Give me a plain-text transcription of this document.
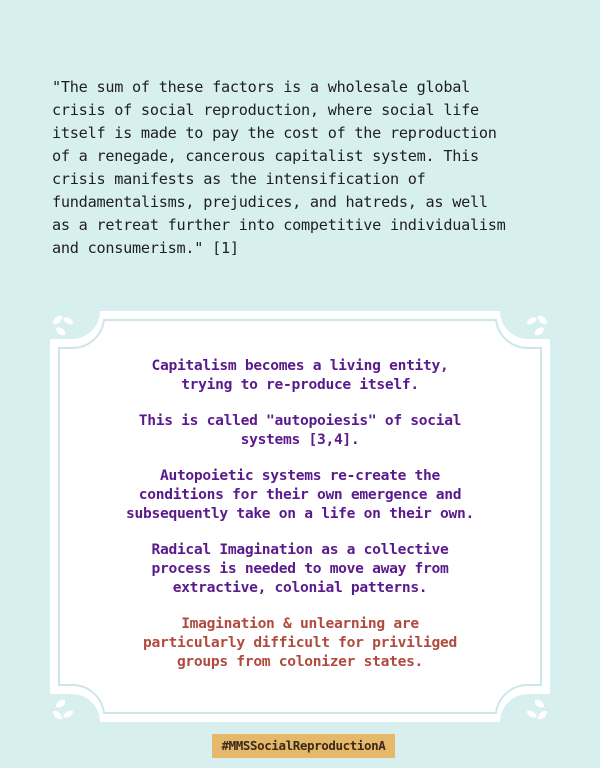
"The sum of these factors is a wholesale global
crisis of social reproduction, where social life
itself is made to pay the cost of the reproduction
of a renegade, cancerous capitalist system. This
crisis manifests as the intensification of
fundamentalisms, prejudices, and hatreds, as well
as a retreat further into competitive individualism
and consumerism." [1]

Capitalism becomes a living entity,
trying to re-produce itself.

This is called "autopoiesis" of social
systems [3,4].

Autopoietic systems re-create the
conditions for their own emergence and
subsequently take on a life on their own.

Radical Imagination as a collective
process is needed to move away from
extractive, colonial patterns.

Imagination & unlearning are
particularly difficult for priviliged
groups from colonizer states.

#MMSSocialReproductionA
